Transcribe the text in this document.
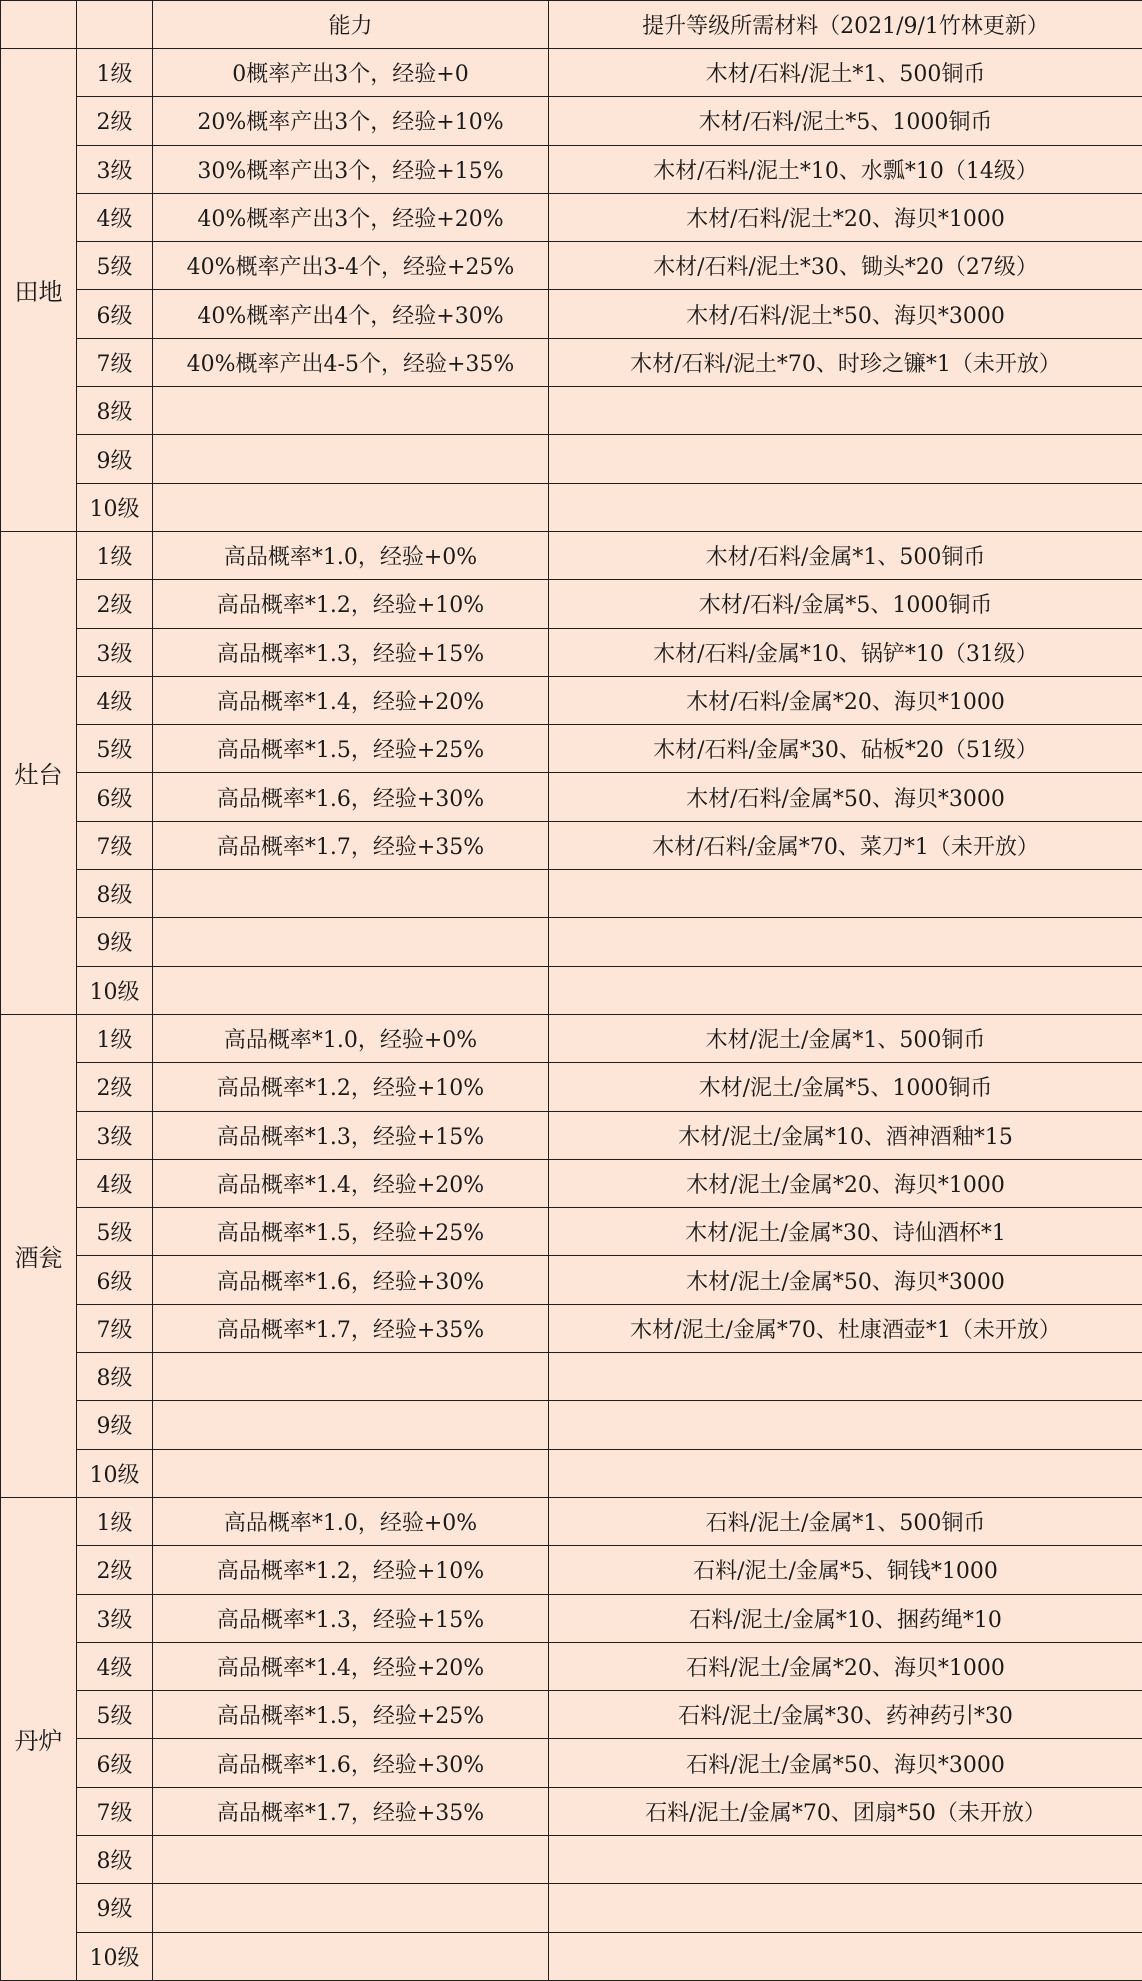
		能力	提升等级所需材料（2021/9/1竹林更新）
田地	1级	0概率产出3个，经验+0	木材/石料/泥土*1、500铜币
	2级	20%概率产出3个，经验+10%	木材/石料/泥土*5、1000铜币
	3级	30%概率产出3个，经验+15%	木材/石料/泥土*10、水瓢*10（14级）
	4级	40%概率产出3个，经验+20%	木材/石料/泥土*20、海贝*1000
	5级	40%概率产出3-4个，经验+25%	木材/石料/泥土*30、锄头*20（27级）
	6级	40%概率产出4个，经验+30%	木材/石料/泥土*50、海贝*3000
	7级	40%概率产出4-5个，经验+35%	木材/石料/泥土*70、时珍之镰*1（未开放）
	8级		
	9级		
	10级		
灶台	1级	高品概率*1.0，经验+0%	木材/石料/金属*1、500铜币
	2级	高品概率*1.2，经验+10%	木材/石料/金属*5、1000铜币
	3级	高品概率*1.3，经验+15%	木材/石料/金属*10、锅铲*10（31级）
	4级	高品概率*1.4，经验+20%	木材/石料/金属*20、海贝*1000
	5级	高品概率*1.5，经验+25%	木材/石料/金属*30、砧板*20（51级）
	6级	高品概率*1.6，经验+30%	木材/石料/金属*50、海贝*3000
	7级	高品概率*1.7，经验+35%	木材/石料/金属*70、菜刀*1（未开放）
	8级		
	9级		
	10级		
酒瓮	1级	高品概率*1.0，经验+0%	木材/泥土/金属*1、500铜币
	2级	高品概率*1.2，经验+10%	木材/泥土/金属*5、1000铜币
	3级	高品概率*1.3，经验+15%	木材/泥土/金属*10、酒神酒釉*15
	4级	高品概率*1.4，经验+20%	木材/泥土/金属*20、海贝*1000
	5级	高品概率*1.5，经验+25%	木材/泥土/金属*30、诗仙酒杯*1
	6级	高品概率*1.6，经验+30%	木材/泥土/金属*50、海贝*3000
	7级	高品概率*1.7，经验+35%	木材/泥土/金属*70、杜康酒壶*1（未开放）
	8级		
	9级		
	10级		
丹炉	1级	高品概率*1.0，经验+0%	石料/泥土/金属*1、500铜币
	2级	高品概率*1.2，经验+10%	石料/泥土/金属*5、铜钱*1000
	3级	高品概率*1.3，经验+15%	石料/泥土/金属*10、捆药绳*10
	4级	高品概率*1.4，经验+20%	石料/泥土/金属*20、海贝*1000
	5级	高品概率*1.5，经验+25%	石料/泥土/金属*30、药神药引*30
	6级	高品概率*1.6，经验+30%	石料/泥土/金属*50、海贝*3000
	7级	高品概率*1.7，经验+35%	石料/泥土/金属*70、团扇*50（未开放）
	8级		
	9级		
	10级		
